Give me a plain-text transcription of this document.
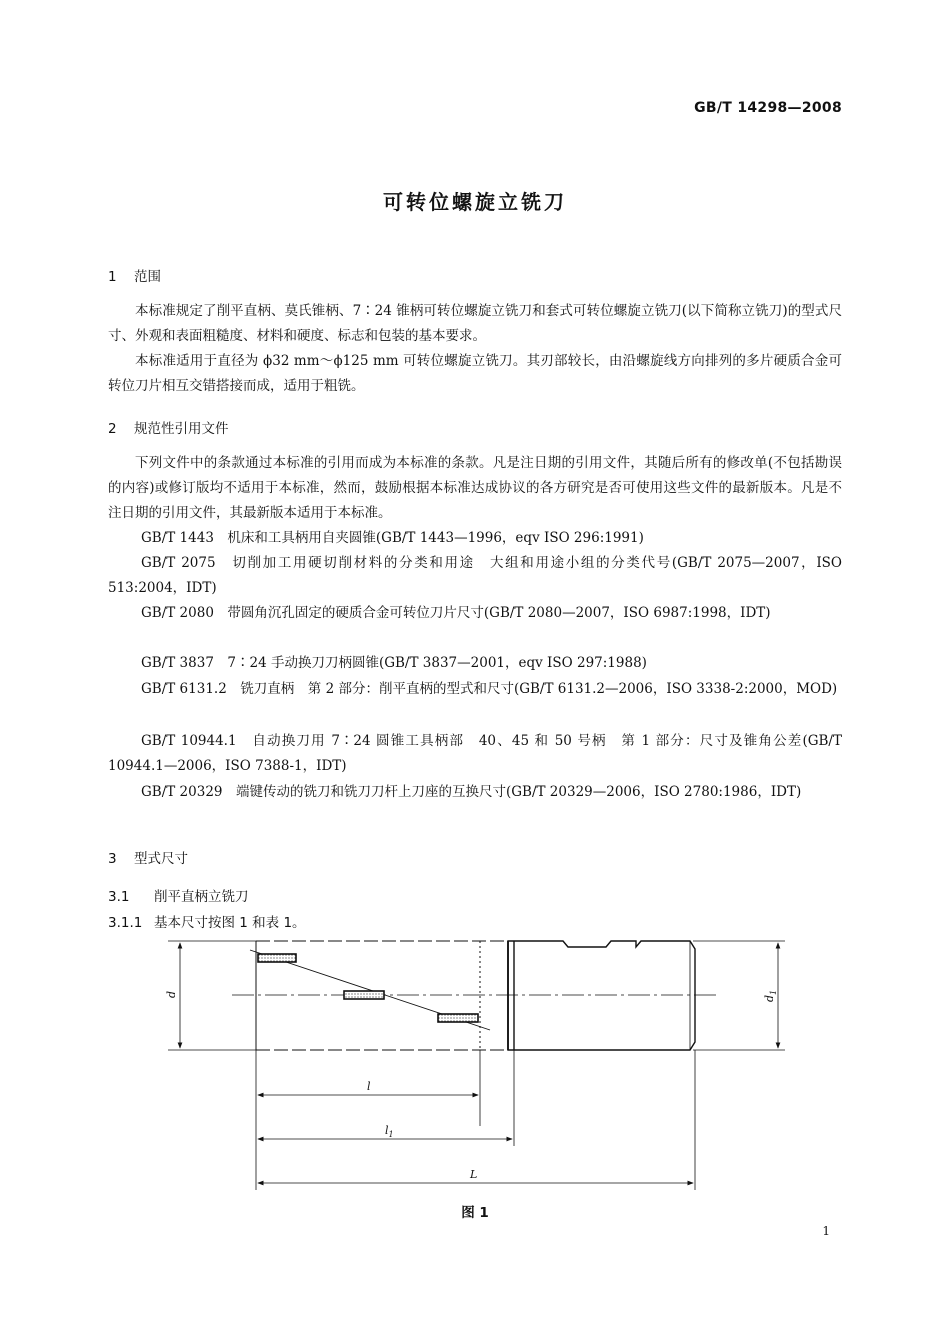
GB/T 14298—2008
可转位螺旋立铣刀
1 范围
本标准规定了削平直柄、莫氏锥柄、7∶24 锥柄可转位螺旋立铣刀和套式可转位螺旋立铣刀(以下简称立铣刀)的型式尺寸、外观和表面粗糙度、材料和硬度、标志和包装的基本要求。
本标准适用于直径为 ϕ32 mm～ϕ125 mm 可转位螺旋立铣刀。其刃部较长，由沿螺旋线方向排列的多片硬质合金可转位刀片相互交错搭接而成，适用于粗铣。
2 规范性引用文件
下列文件中的条款通过本标准的引用而成为本标准的条款。凡是注日期的引用文件，其随后所有的修改单(不包括勘误的内容)或修订版均不适用于本标准，然而，鼓励根据本标准达成协议的各方研究是否可使用这些文件的最新版本。凡是不注日期的引用文件，其最新版本适用于本标准。
GB/T 1443　机床和工具柄用自夹圆锥(GB/T 1443—1996，eqv ISO 296:1991)
GB/T 2075　切削加工用硬切削材料的分类和用途　大组和用途小组的分类代号(GB/T 2075—2007，ISO 513:2004，IDT)
GB/T 2080　带圆角沉孔固定的硬质合金可转位刀片尺寸(GB/T 2080—2007，ISO 6987:1998，IDT)
GB/T 3837　7∶24 手动换刀刀柄圆锥(GB/T 3837—2001，eqv ISO 297:1988)
GB/T 6131.2　铣刀直柄　第 2 部分：削平直柄的型式和尺寸(GB/T 6131.2—2006，ISO 3338-2:2000，MOD)
GB/T 10944.1　自动换刀用 7∶24 圆锥工具柄部　40、45 和 50 号柄　第 1 部分：尺寸及锥角公差(GB/T 10944.1—2006，ISO 7388-1，IDT)
GB/T 20329　端键传动的铣刀和铣刀刀杆上刀座的互换尺寸(GB/T 20329—2006，ISO 2780:1986，IDT)
3 型式尺寸
3.1 削平直柄立铣刀
3.1.1 基本尺寸按图 1 和表 1。
d
$d_1$
l
$l_1$
L
图 1
1
